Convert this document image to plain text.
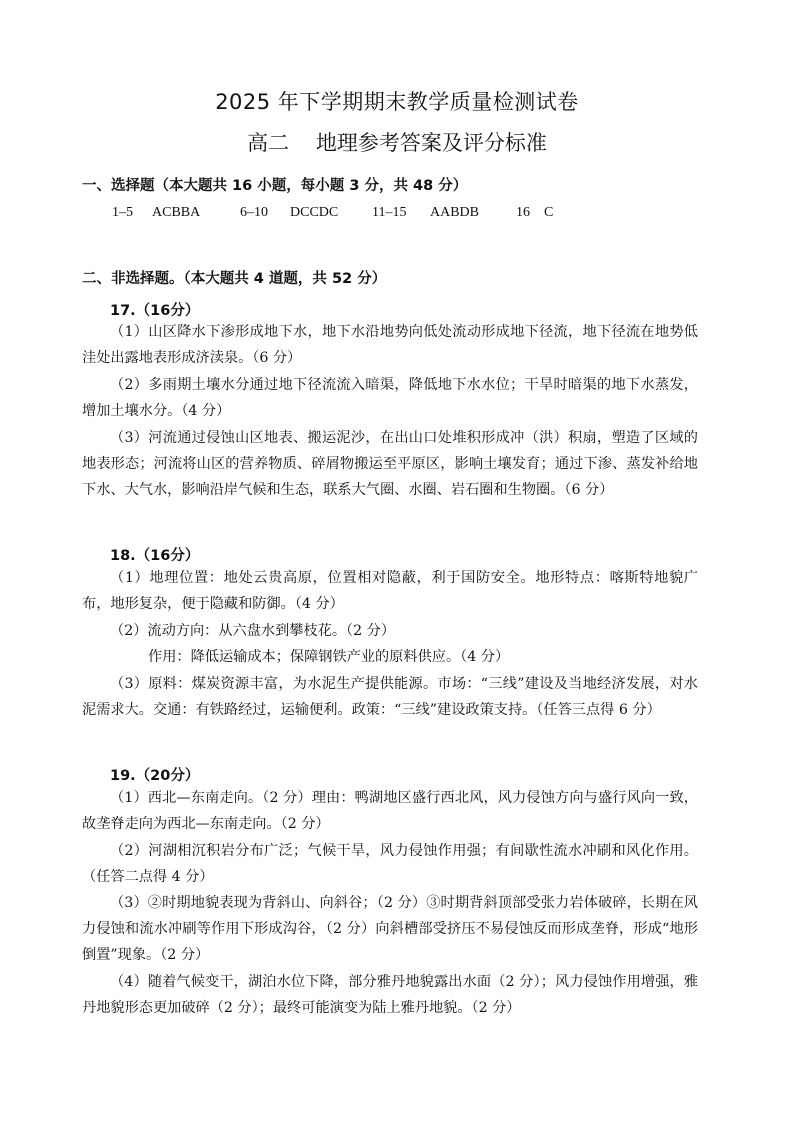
2025 年下学期期末教学质量检测试卷
高二    地理参考答案及评分标准
一、选择题（本大题共 16 小题，每小题 3 分，共 48 分）
1–5 ACBBA	6–10 DCCDC 11–15 AABDB	16 C
二、非选择题。（本大题共 4 道题，共 52 分）
17.（16分）
（1）山区降水下渗形成地下水，地下水沿地势向低处流动形成地下径流，地下径流在地势低洼处出露地表形成济渎泉。（6 分）
（2）多雨期土壤水分通过地下径流流入暗渠，降低地下水水位；干旱时暗渠的地下水蒸发，增加土壤水分。（4 分）
（3）河流通过侵蚀山区地表、搬运泥沙，在出山口处堆积形成冲（洪）积扇，塑造了区域的地表形态；河流将山区的营养物质、碎屑物搬运至平原区，影响土壤发育；通过下渗、蒸发补给地下水、大气水，影响沿岸气候和生态，联系大气圈、水圈、岩石圈和生物圈。（6 分）
18.（16分）
（1）地理位置：地处云贵高原，位置相对隐蔽，利于国防安全。地形特点：喀斯特地貌广布，地形复杂，便于隐藏和防御。（4 分）
（2）流动方向：从六盘水到攀枝花。（2 分）
作用：降低运输成本；保障钢铁产业的原料供应。（4 分）
（3）原料：煤炭资源丰富，为水泥生产提供能源。市场：“三线”建设及当地经济发展，对水泥需求大。交通：有铁路经过，运输便利。政策：“三线”建设政策支持。（任答三点得 6 分）
19.（20分）
（1）西北—东南走向。（2 分）理由：鸭湖地区盛行西北风，风力侵蚀方向与盛行风向一致，故垄脊走向为西北—东南走向。（2 分）
（2）河湖相沉积岩分布广泛；气候干旱，风力侵蚀作用强；有间歇性流水冲刷和风化作用。（任答二点得 4 分）
（3）②时期地貌表现为背斜山、向斜谷；（2 分）③时期背斜顶部受张力岩体破碎，长期在风力侵蚀和流水冲刷等作用下形成沟谷，（2 分）向斜槽部受挤压不易侵蚀反而形成垄脊，形成“地形倒置”现象。（2 分）
（4）随着气候变干，湖泊水位下降，部分雅丹地貌露出水面（2 分）；风力侵蚀作用增强，雅丹地貌形态更加破碎（2 分）；最终可能演变为陆上雅丹地貌。（2 分）
